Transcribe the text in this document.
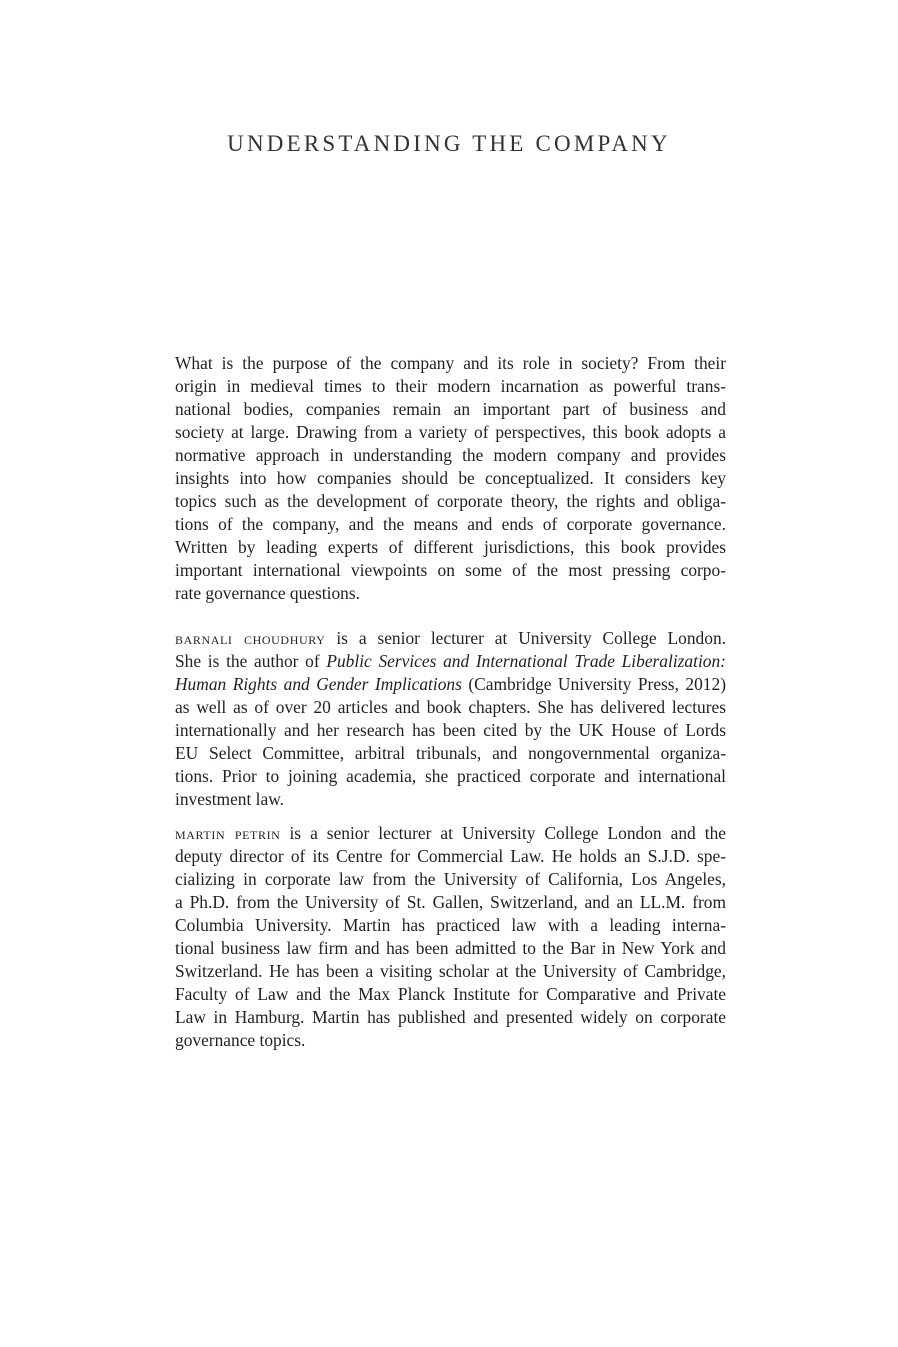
UNDERSTANDING THE COMPANY
What is the purpose of the company and its role in society? From their
origin in medieval times to their modern incarnation as powerful trans-
national bodies, companies remain an important part of business and
society at large. Drawing from a variety of perspectives, this book adopts a
normative approach in understanding the modern company and provides
insights into how companies should be conceptualized. It considers key
topics such as the development of corporate theory, the rights and obliga-
tions of the company, and the means and ends of corporate governance.
Written by leading experts of different jurisdictions, this book provides
important international viewpoints on some of the most pressing corpo-
rate governance questions.
barnali choudhury is a senior lecturer at University College London.
She is the author of Public Services and International Trade Liberalization:
Human Rights and Gender Implications (Cambridge University Press, 2012)
as well as of over 20 articles and book chapters. She has delivered lectures
internationally and her research has been cited by the UK House of Lords
EU Select Committee, arbitral tribunals, and nongovernmental organiza-
tions. Prior to joining academia, she practiced corporate and international
investment law.
martin petrin is a senior lecturer at University College London and the
deputy director of its Centre for Commercial Law. He holds an S.J.D. spe-
cializing in corporate law from the University of California, Los Angeles,
a Ph.D. from the University of St. Gallen, Switzerland, and an LL.M. from
Columbia University. Martin has practiced law with a leading interna-
tional business law firm and has been admitted to the Bar in New York and
Switzerland. He has been a visiting scholar at the University of Cambridge,
Faculty of Law and the Max Planck Institute for Comparative and Private
Law in Hamburg. Martin has published and presented widely on corporate
governance topics.
